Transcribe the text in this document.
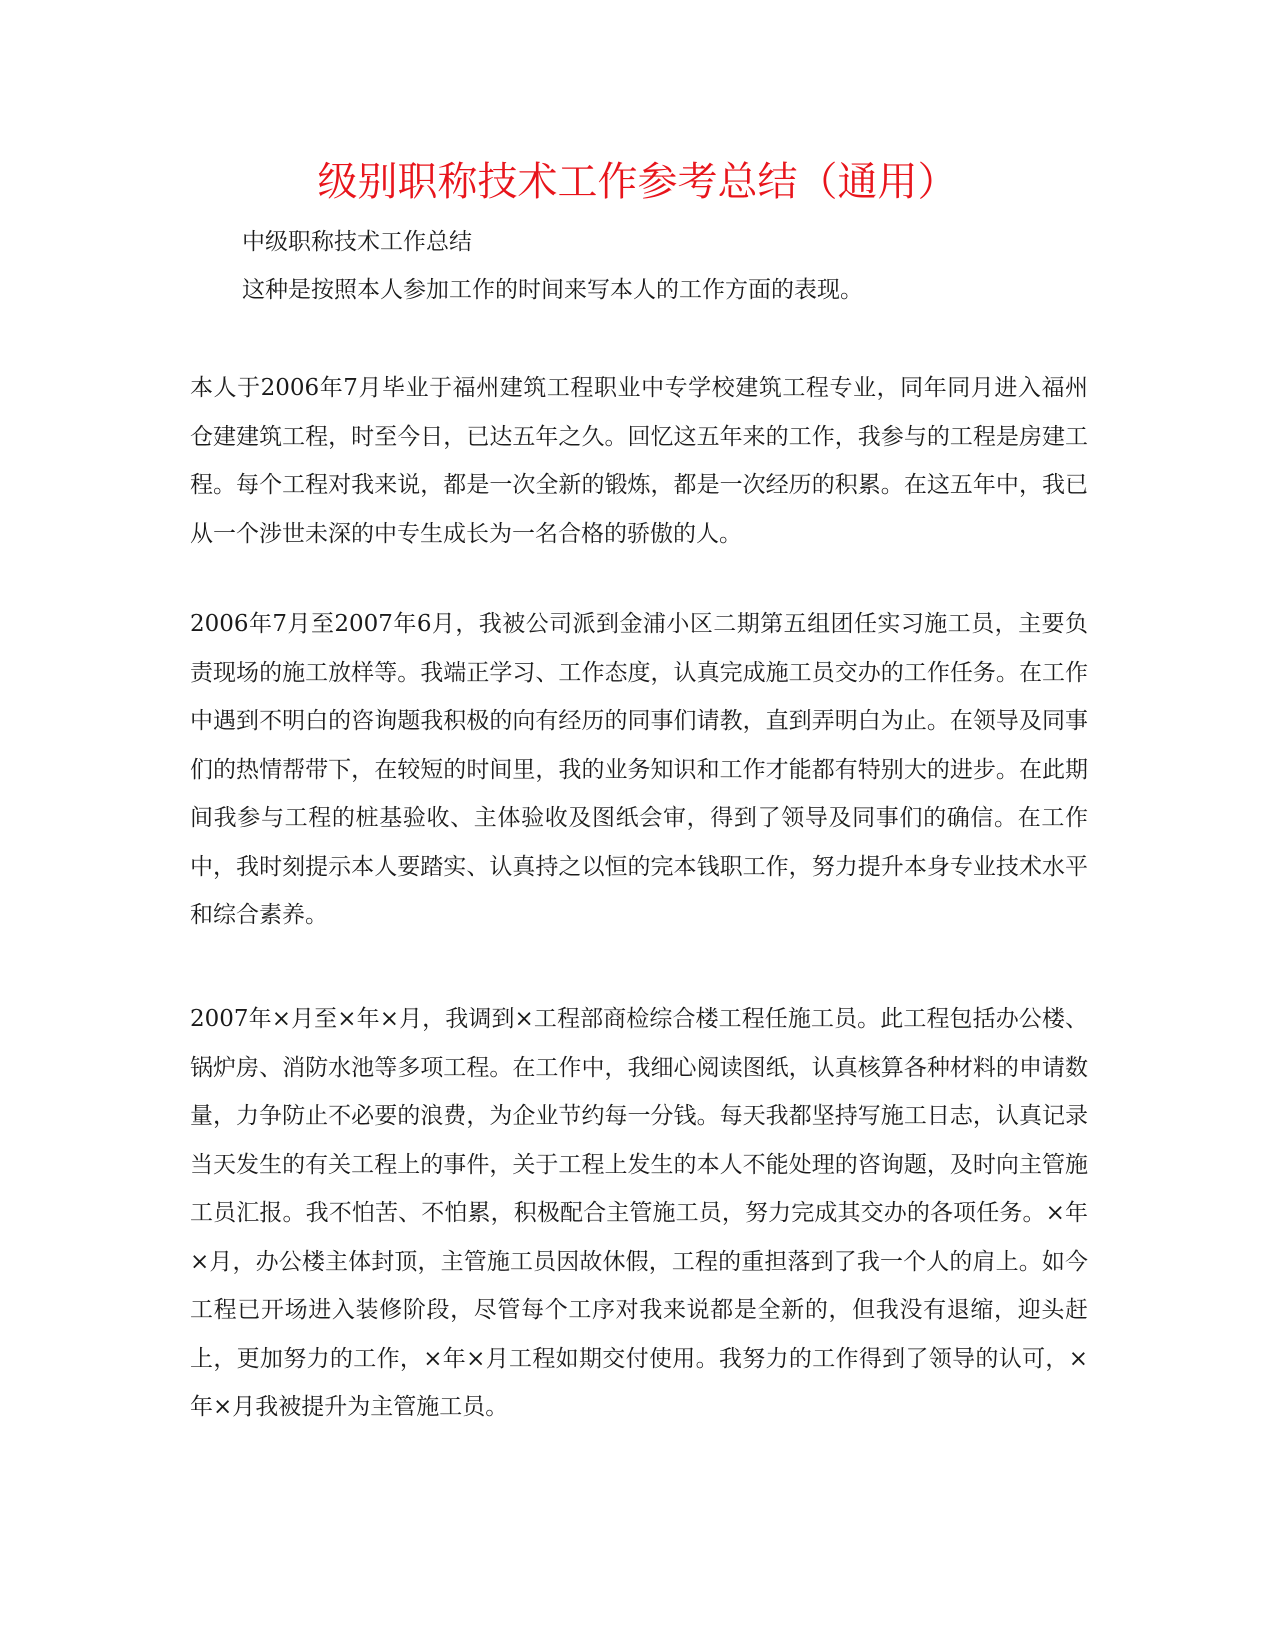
级别职称技术工作参考总结（通用）

中级职称技术工作总结

这种是按照本人参加工作的时间来写本人的工作方面的表现。

本人于2006年7月毕业于福州建筑工程职业中专学校建筑工程专业，同年同月进入福州仓建建筑工程，时至今日，已达五年之久。回忆这五年来的工作，我参与的工程是房建工程。每个工程对我来说，都是一次全新的锻炼，都是一次经历的积累。在这五年中，我已从一个涉世未深的中专生成长为一名合格的骄傲的人。

2006年7月至2007年6月，我被公司派到金浦小区二期第五组团任实习施工员，主要负责现场的施工放样等。我端正学习、工作态度，认真完成施工员交办的工作任务。在工作中遇到不明白的咨询题我积极的向有经历的同事们请教，直到弄明白为止。在领导及同事们的热情帮带下，在较短的时间里，我的业务知识和工作才能都有特别大的进步。在此期间我参与工程的桩基验收、主体验收及图纸会审，得到了领导及同事们的确信。在工作中，我时刻提示本人要踏实、认真持之以恒的完本钱职工作，努力提升本身专业技术水平和综合素养。

2007年×月至×年×月，我调到×工程部商检综合楼工程任施工员。此工程包括办公楼、锅炉房、消防水池等多项工程。在工作中，我细心阅读图纸，认真核算各种材料的申请数量，力争防止不必要的浪费，为企业节约每一分钱。每天我都坚持写施工日志，认真记录当天发生的有关工程上的事件，关于工程上发生的本人不能处理的咨询题，及时向主管施工员汇报。我不怕苦、不怕累，积极配合主管施工员，努力完成其交办的各项任务。×年×月，办公楼主体封顶，主管施工员因故休假，工程的重担落到了我一个人的肩上。如今工程已开场进入装修阶段，尽管每个工序对我来说都是全新的，但我没有退缩，迎头赶上，更加努力的工作，×年×月工程如期交付使用。我努力的工作得到了领导的认可，×年×月我被提升为主管施工员。
